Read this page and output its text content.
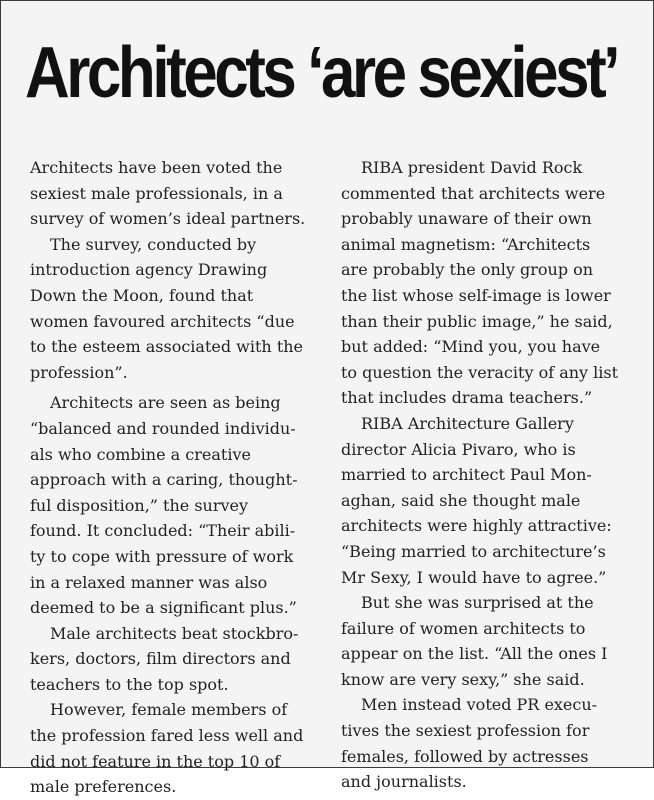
Architects ‘are sexiest’
Architects have been voted the
sexiest male professionals, in a
survey of women’s ideal partners.
The survey, conducted by
introduction agency Drawing
Down the Moon, found that
women favoured architects “due
to the esteem associated with the
profession”.
Architects are seen as being
“balanced and rounded individu-
als who combine a creative
approach with a caring, thought-
ful disposition,” the survey
found. It concluded: “Their abili-
ty to cope with pressure of work
in a relaxed manner was also
deemed to be a significant plus.”
Male architects beat stockbro-
kers, doctors, film directors and
teachers to the top spot.
However, female members of
the profession fared less well and
did not feature in the top 10 of
male preferences.
RIBA president David Rock
commented that architects were
probably unaware of their own
animal magnetism: “Architects
are probably the only group on
the list whose self-image is lower
than their public image,” he said,
but added: “Mind you, you have
to question the veracity of any list
that includes drama teachers.”
RIBA Architecture Gallery
director Alicia Pivaro, who is
married to architect Paul Mon-
aghan, said she thought male
architects were highly attractive:
“Being married to architecture’s
Mr Sexy, I would have to agree.”
But she was surprised at the
failure of women architects to
appear on the list. “All the ones I
know are very sexy,” she said.
Men instead voted PR execu-
tives the sexiest profession for
females, followed by actresses
and journalists.
